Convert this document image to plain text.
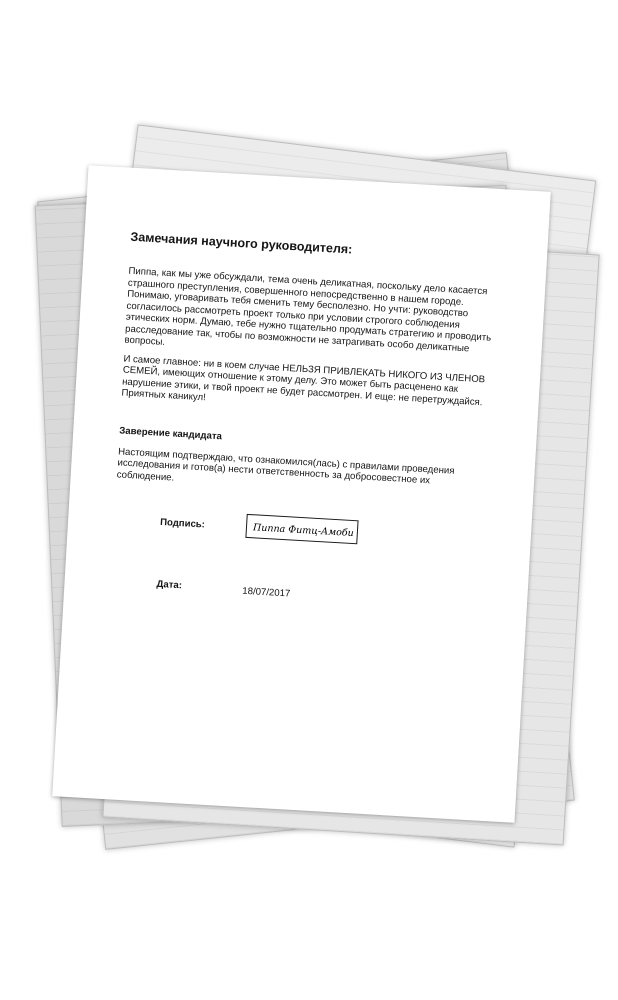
Замечания научного руководителя:

Пиппа, как мы уже обсуждали, тема очень деликатная, поскольку дело касается страшного преступления, совершенного непосредственно в нашем городе. Понимаю, уговаривать тебя сменить тему бесполезно. Но учти: руководство согласилось рассмотреть проект только при условии строгого соблюдения этических норм. Думаю, тебе нужно тщательно продумать стратегию и проводить расследование так, чтобы по возможности не затрагивать особо деликатные вопросы.

И самое главное: ни в коем случае НЕЛЬЗЯ ПРИВЛЕКАТЬ НИКОГО ИЗ ЧЛЕНОВ СЕМЕЙ, имеющих отношение к этому делу. Это может быть расценено как нарушение этики, и твой проект не будет рассмотрен. И еще: не перетруждайся. Приятных каникул!

Заверение кандидата

Настоящим подтверждаю, что ознакомился(лась) с правилами проведения исследования и готов(а) нести ответственность за добросовестное их соблюдение.

Подпись:	Пиппа Фитц-Амоби
Дата:
18/07/2017
